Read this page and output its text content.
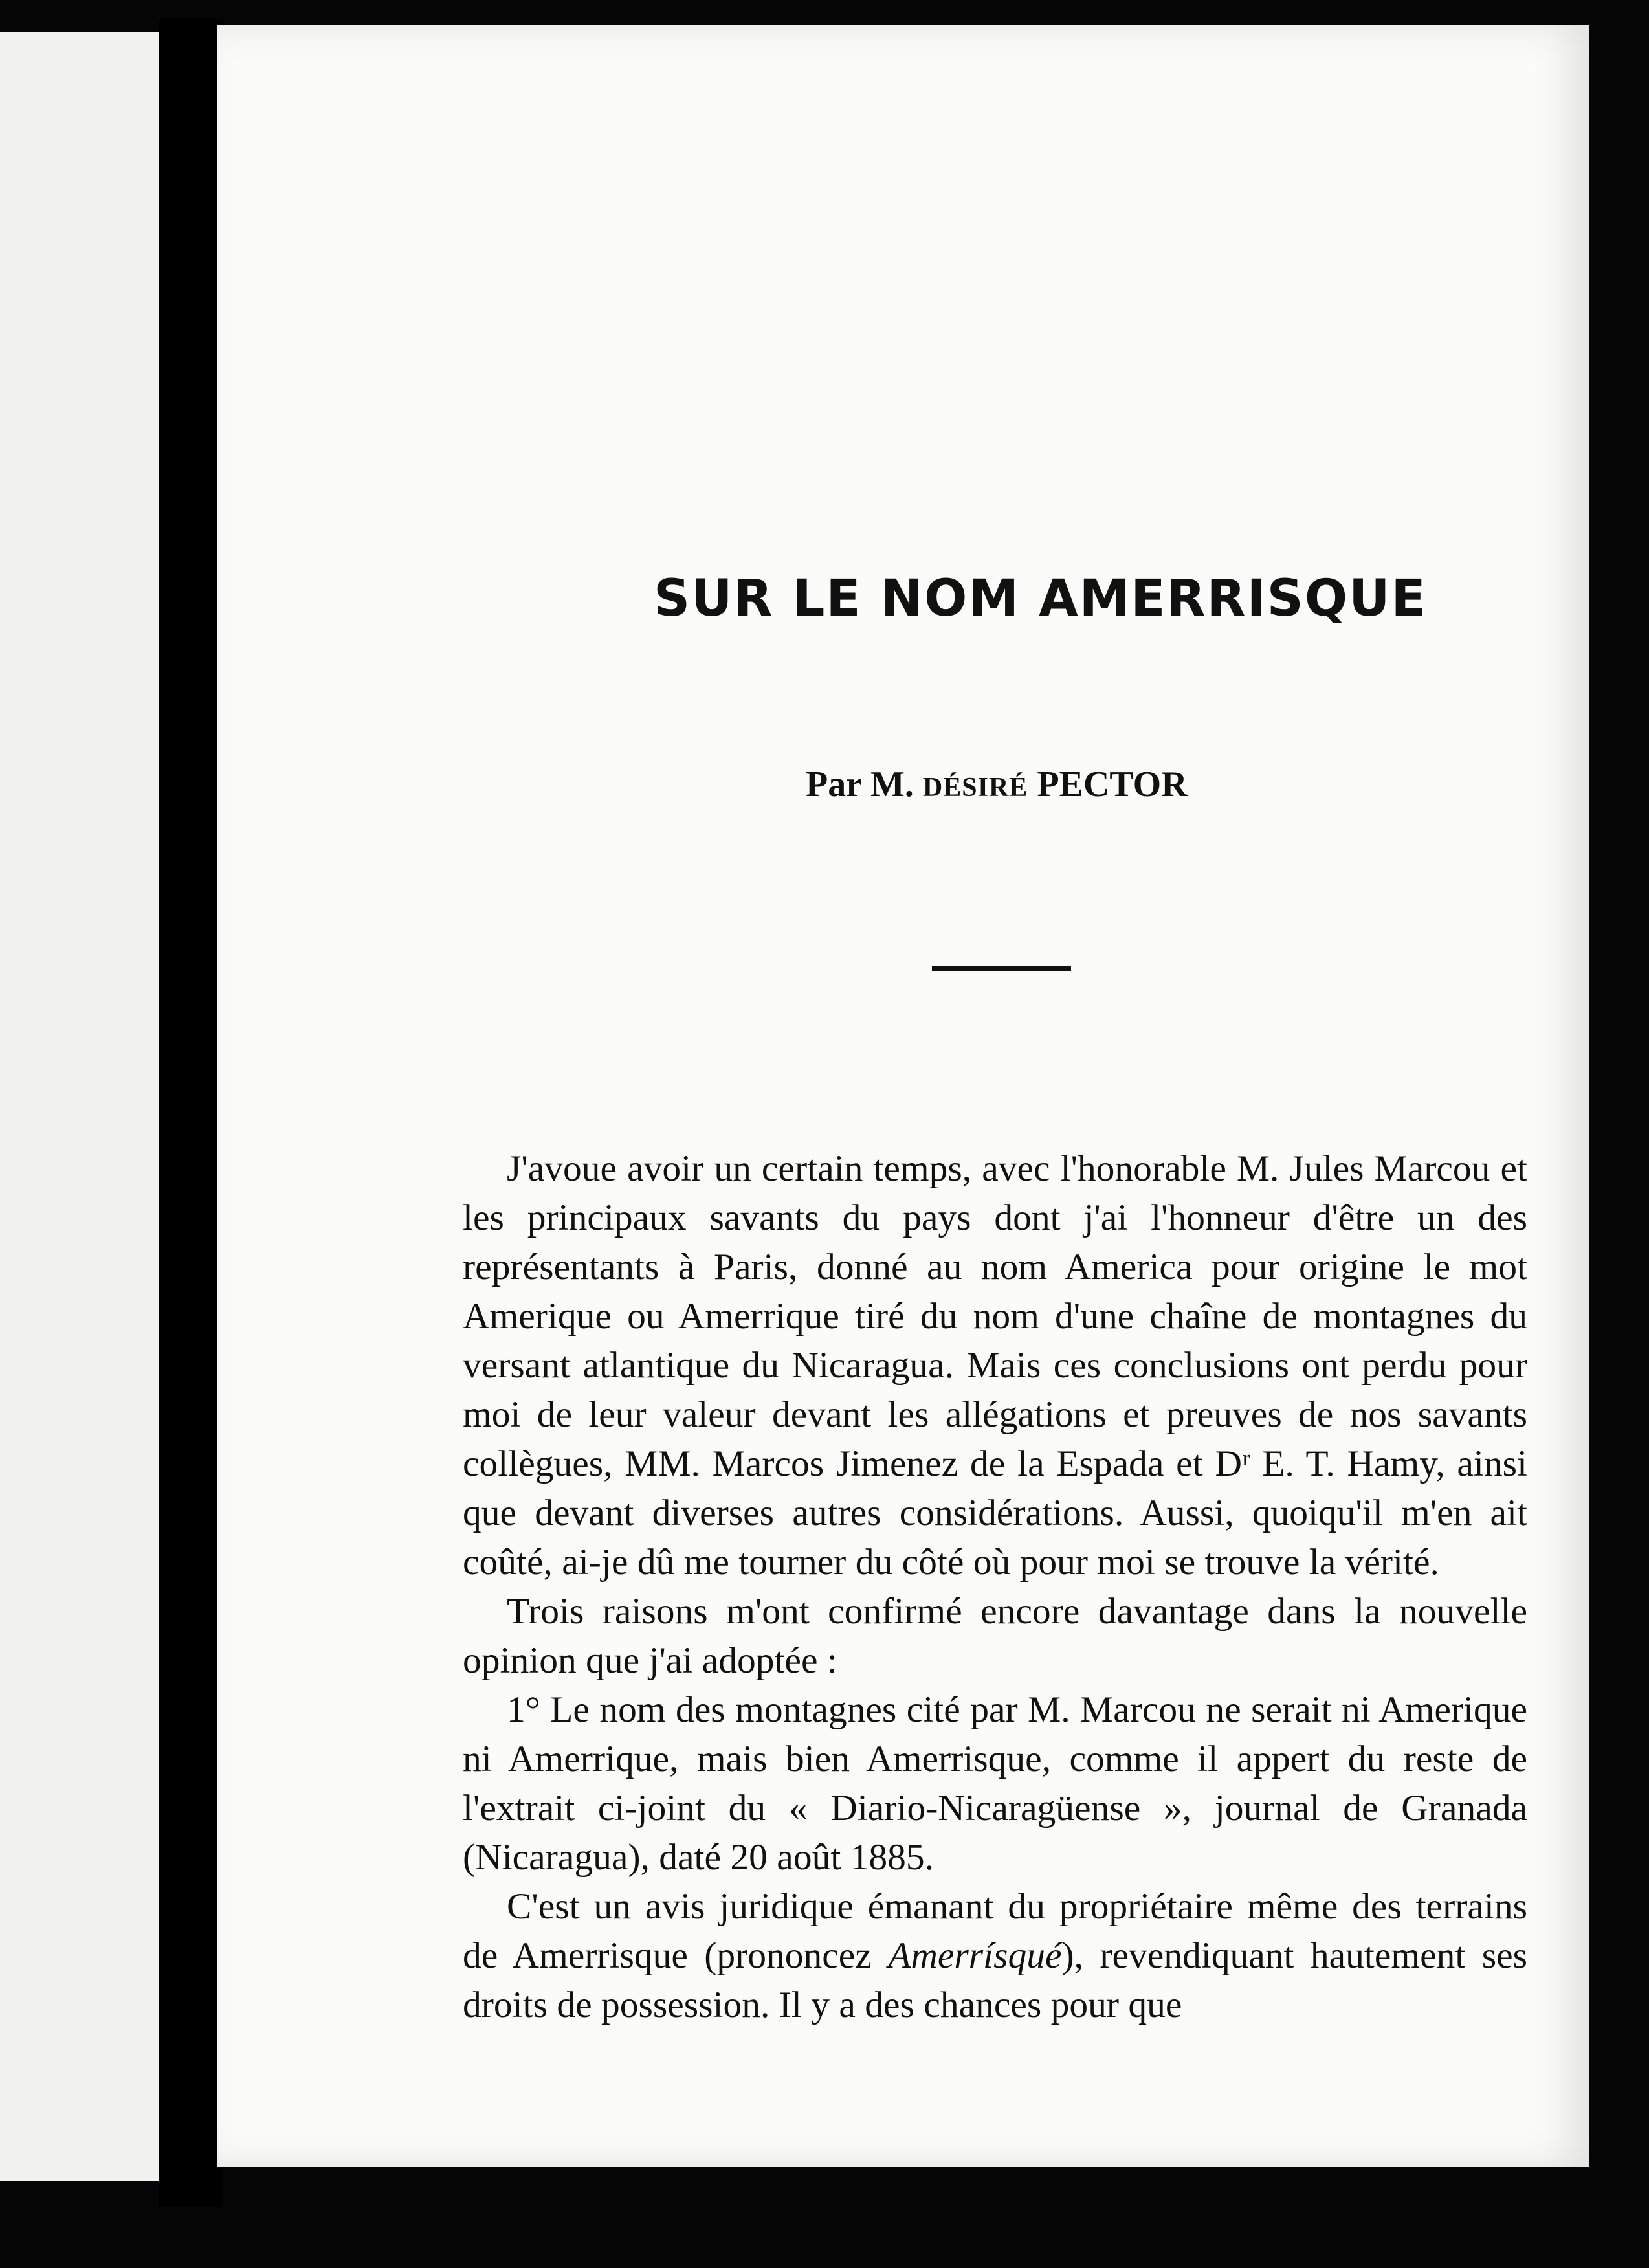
SUR LE NOM AMERRISQUE

Par M. DÉSIRÉ PECTOR

J'avoue avoir un certain temps, avec l'honorable M. Jules Marcou et les principaux savants du pays dont j'ai l'honneur d'être un des représentants à Paris, donné au nom America pour origine le mot Amerique ou Amerrique tiré du nom d'une chaîne de montagnes du versant atlantique du Nicaragua. Mais ces conclusions ont perdu pour moi de leur valeur devant les allégations et preuves de nos savants collègues, MM. Marcos Jimenez de la Espada et Dʳ E. T. Hamy, ainsi que devant diverses autres considérations. Aussi, quoiqu'il m'en ait coûté, ai-je dû me tourner du côté où pour moi se trouve la vérité.

Trois raisons m'ont confirmé encore davantage dans la nouvelle opinion que j'ai adoptée :

1° Le nom des montagnes cité par M. Marcou ne serait ni Amerique ni Amerrique, mais bien Amerrisque, comme il appert du reste de l'extrait ci-joint du « Diario-Nicaragüense », journal de Granada (Nicaragua), daté 20 août 1885.

C'est un avis juridique émanant du propriétaire même des terrains de Amerrisque (prononcez Amerrísqué), revendiquant hautement ses droits de possession. Il y a des chances pour que
